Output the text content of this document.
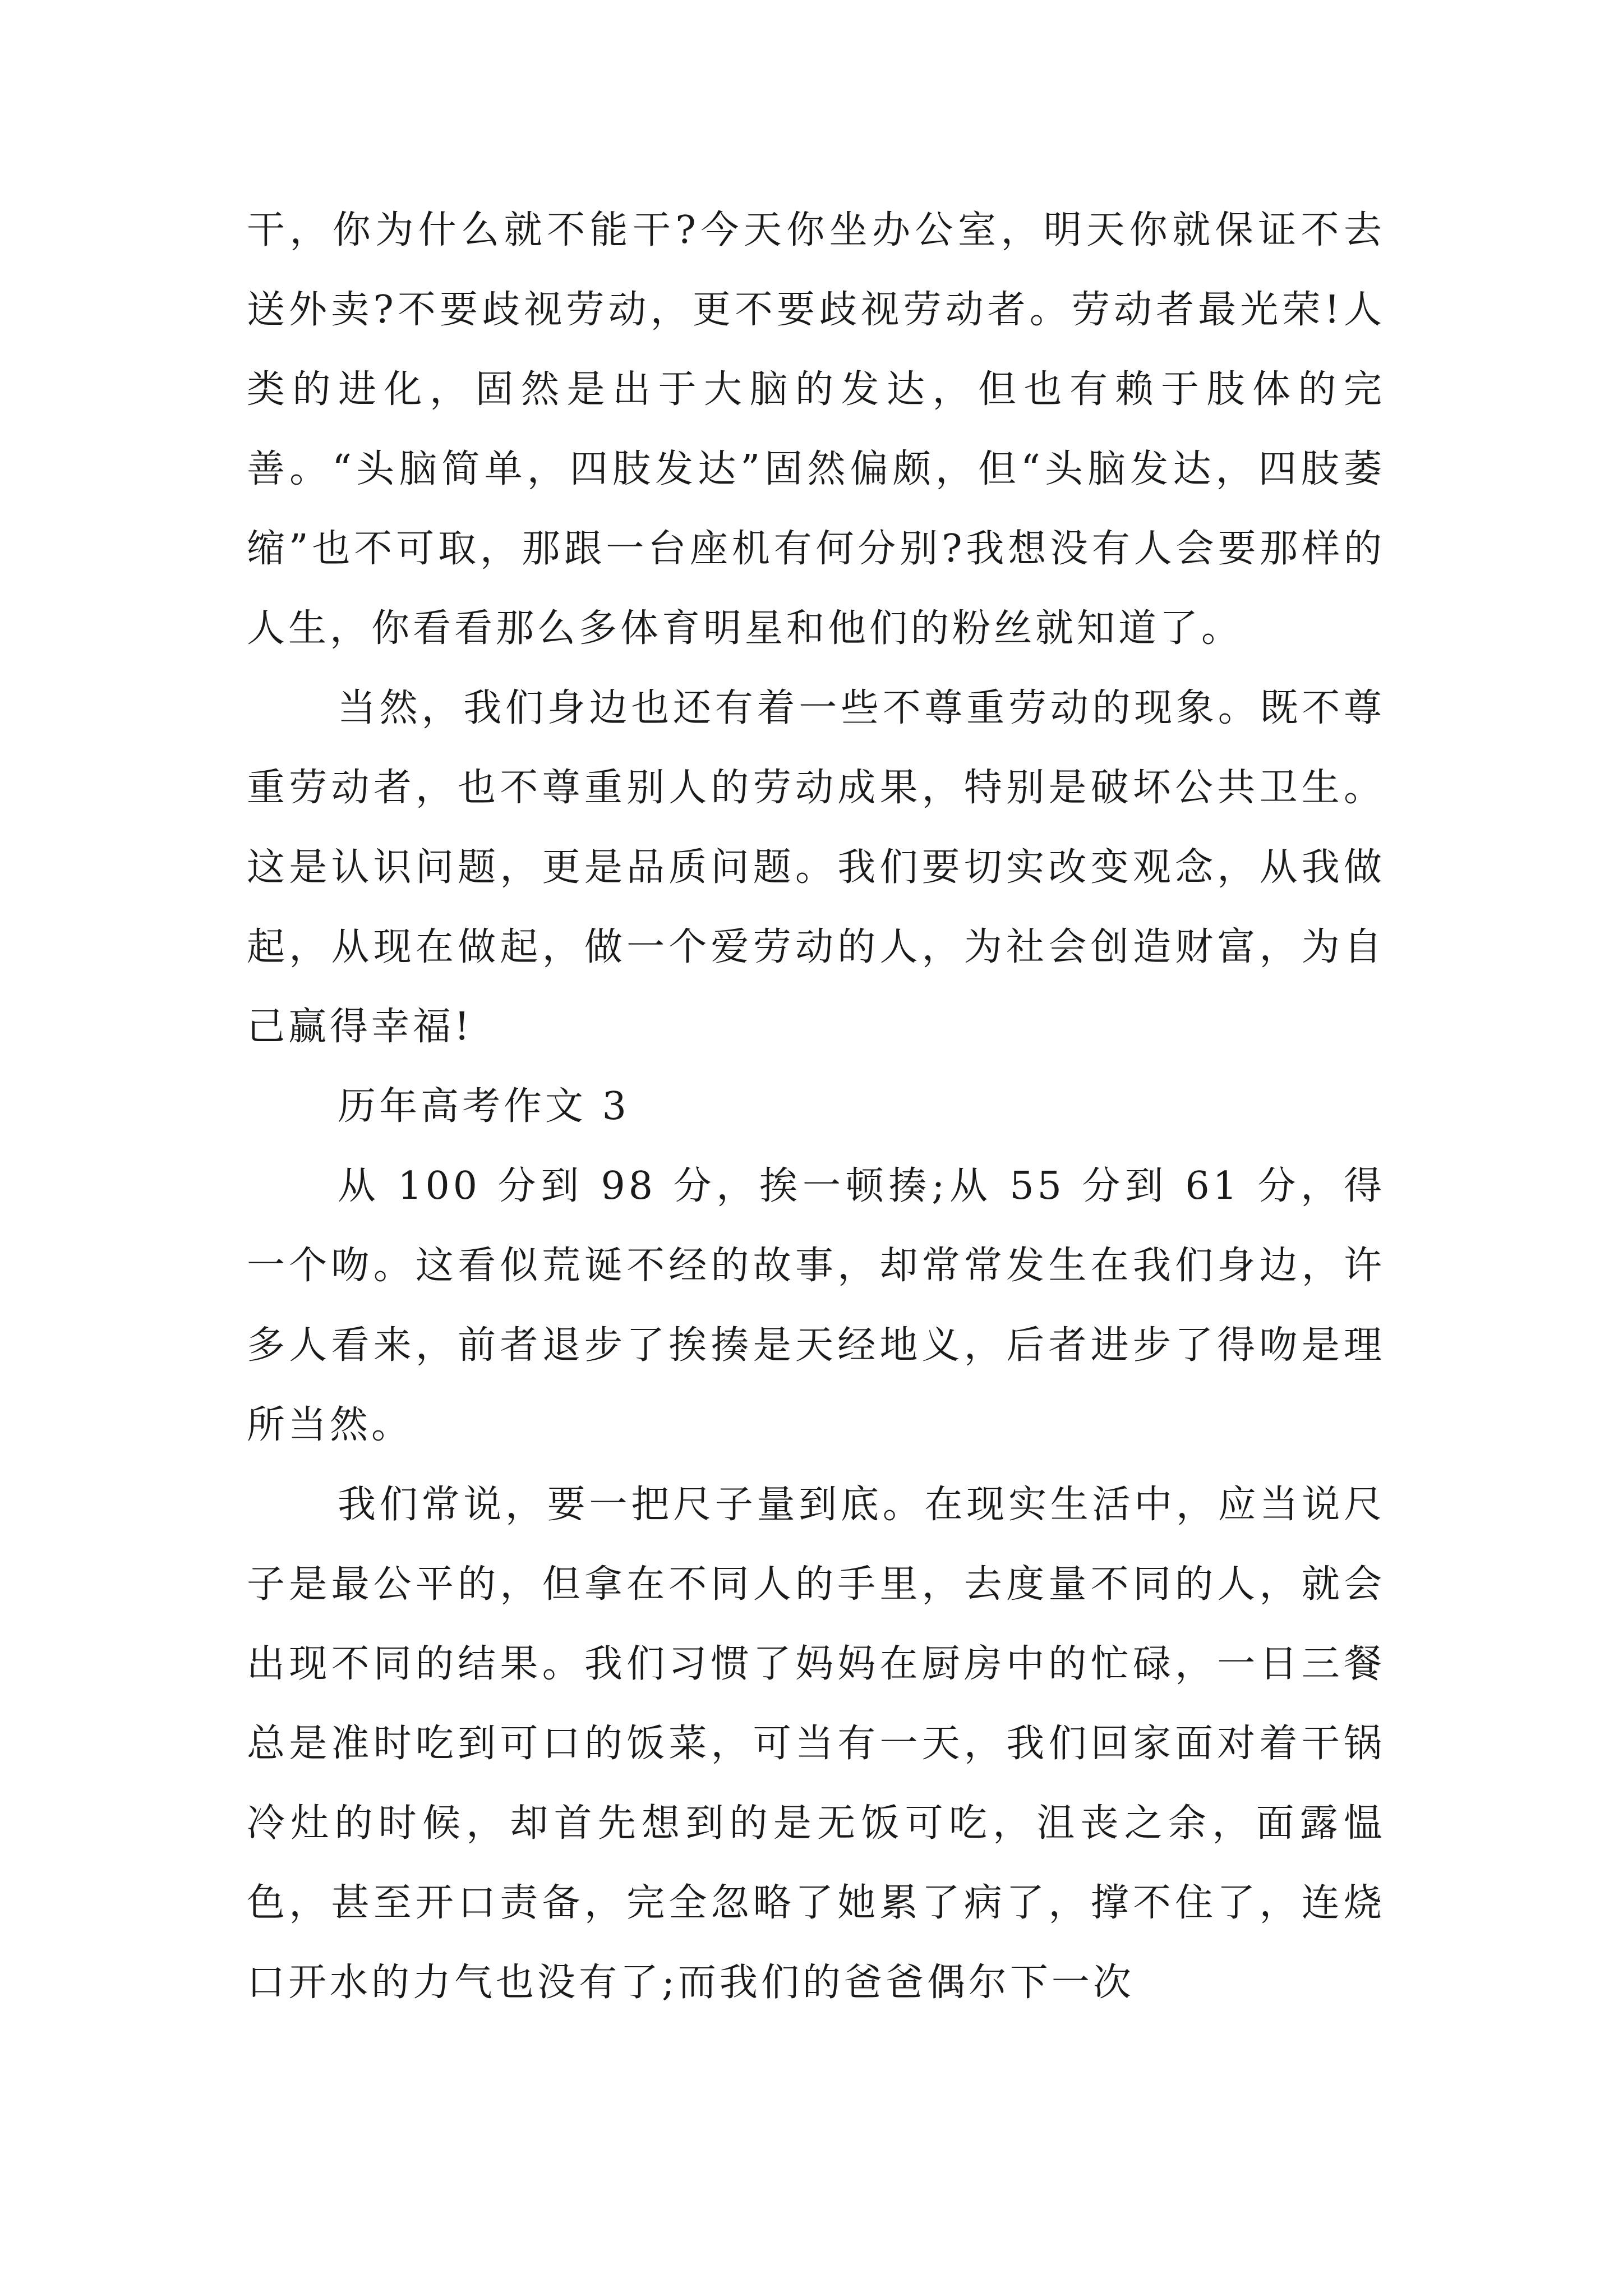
干，你为什么就不能干?今天你坐办公室，明天你就保证不去送外卖?不要歧视劳动，更不要歧视劳动者。劳动者最光荣!人类的进化，固然是出于大脑的发达，但也有赖于肢体的完善。“头脑简单，四肢发达”固然偏颇，但“头脑发达，四肢萎缩”也不可取，那跟一台座机有何分别?我想没有人会要那样的人生，你看看那么多体育明星和他们的粉丝就知道了。

当然，我们身边也还有着一些不尊重劳动的现象。既不尊重劳动者，也不尊重别人的劳动成果，特别是破坏公共卫生。这是认识问题，更是品质问题。我们要切实改变观念，从我做起，从现在做起，做一个爱劳动的人，为社会创造财富，为自己赢得幸福!

历年高考作文 3

从 100 分到 98 分，挨一顿揍;从 55 分到 61 分，得一个吻。这看似荒诞不经的故事，却常常发生在我们身边，许多人看来，前者退步了挨揍是天经地义，后者进步了得吻是理所当然。

我们常说，要一把尺子量到底。在现实生活中，应当说尺子是最公平的，但拿在不同人的手里，去度量不同的人，就会出现不同的结果。我们习惯了妈妈在厨房中的忙碌，一日三餐总是准时吃到可口的饭菜，可当有一天，我们回家面对着干锅冷灶的时候，却首先想到的是无饭可吃，沮丧之余，面露愠色，甚至开口责备，完全忽略了她累了病了，撑不住了，连烧口开水的力气也没有了;而我们的爸爸偶尔下一次
